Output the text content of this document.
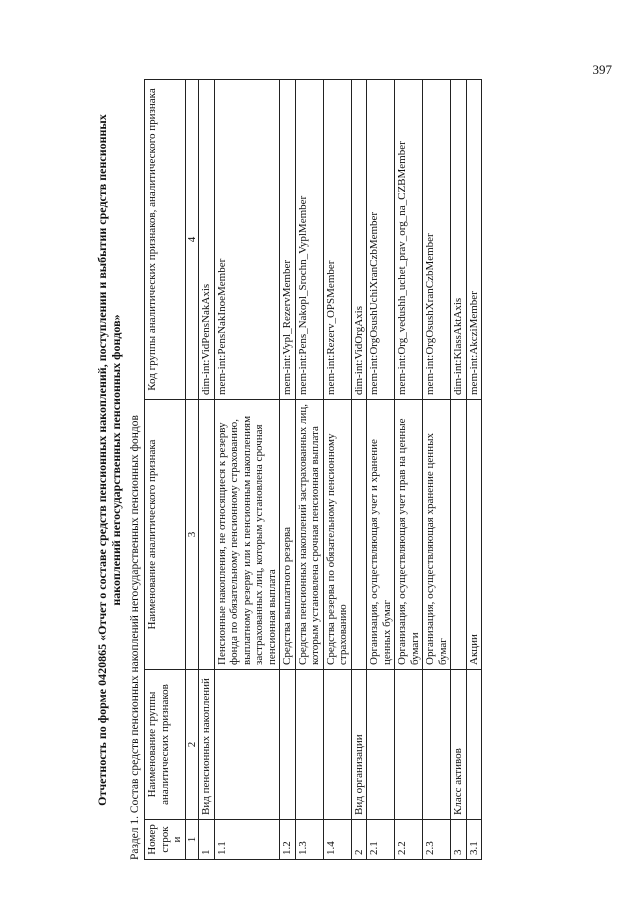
397
Отчетность по форме 0420865 «Отчет о составе средств пенсионных накоплений, поступлении и выбытии средств пенсионных накоплений негосударственных пенсионных фондов» Раздел 1. Состав средств пенсионных накоплений негосударственных пенсионных фондов Номер строки	Наименование группы аналитических признаков	Наименование аналитического признака	Код группы аналитических признаков, аналитического признака
1	2	3	4
1	Вид пенсионных накоплений		dim-int:VidPensNakAxis
1.1		Пенсионные накопления, не относящиеся к резерву фонда по обязательному пенсионному страхованию, выплатному резерву или к пенсионным накоплениям застрахованных лиц, которым установлена срочная пенсионная выплата	mem-int:PensNakInoeMember
1.2		Средства выплатного резерва	mem-int:Vypl_RezervMember
1.3		Средства пенсионных накоплений застрахованных лиц, которым установлена срочная пенсионная выплата	mem-int:Pens_Nakopl_Srochn_VyplMember
1.4		Средства резерва по обязательному пенсионному страхованию	mem-int:Rezerv_OPSMember
2	Вид организации		dim-int:VidOrgAxis
2.1		Организация, осуществляющая учет и хранение ценных бумаг	mem-int:OrgOsushUchiXranCzbMember
2.2		Организация, осуществляющая учет прав на ценные бумаги	mem-int:Org_vedushh_uchet_prav_org_na_CZBMember
2.3		Организация, осуществляющая хранение ценных бумаг	mem-int:OrgOsushXranCzbMember
3	Класс активов		dim-int:KlassAktAxis
3.1		Акции	mem-int:AkcziMember
